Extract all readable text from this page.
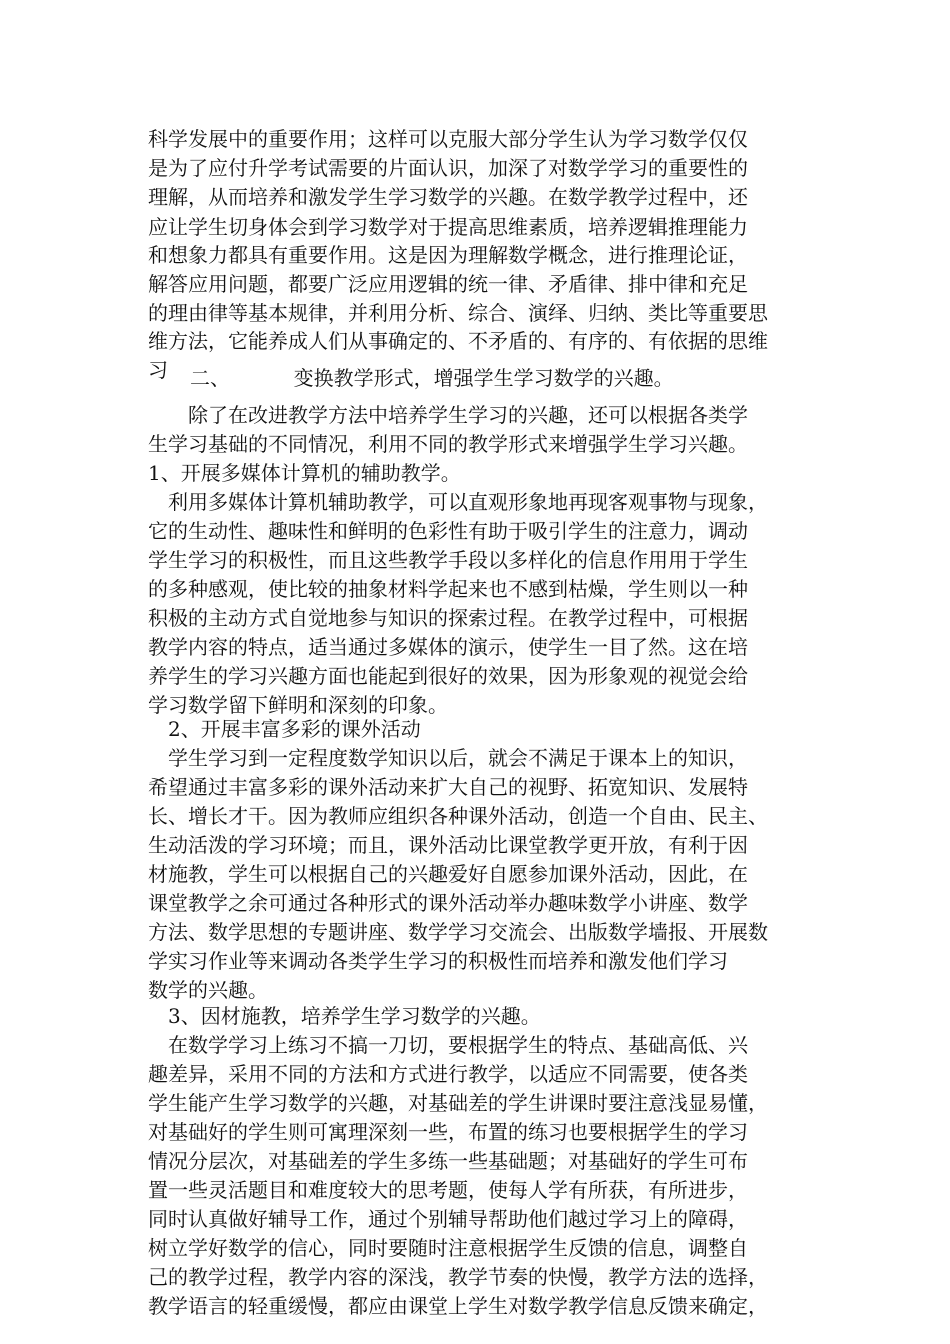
科学发展中的重要作用；这样可以克服大部分学生认为学习数学仅仅
是为了应付升学考试需要的片面认识，加深了对数学学习的重要性的
理解，从而培养和激发学生学习数学的兴趣。在数学教学过程中，还
应让学生切身体会到学习数学对于提高思维素质，培养逻辑推理能力
和想象力都具有重要作用。这是因为理解数学概念，进行推理论证，
解答应用问题，都要广泛应用逻辑的统一律、矛盾律、排中律和充足
的理由律等基本规律，并利用分析、综合、演绎、归纳、类比等重要思
维方法，它能养成人们从事确定的、不矛盾的、有序的、有依据的思维
习	二、          变换教学形式，增强学生学习数学的兴趣。
除了在改进教学方法中培养学生学习的兴趣，还可以根据各类学
生学习基础的不同情况，利用不同的教学形式来增强学生学习兴趣。
1、开展多媒体计算机的辅助教学。
利用多媒体计算机辅助教学，可以直观形象地再现客观事物与现象，
它的生动性、趣味性和鲜明的色彩性有助于吸引学生的注意力，调动
学生学习的积极性，而且这些教学手段以多样化的信息作用用于学生
的多种感观，使比较的抽象材料学起来也不感到枯燥，学生则以一种
积极的主动方式自觉地参与知识的探索过程。在教学过程中，可根据
教学内容的特点，适当通过多媒体的演示，使学生一目了然。这在培
养学生的学习兴趣方面也能起到很好的效果，因为形象观的视觉会给
学习数学留下鲜明和深刻的印象。
2、开展丰富多彩的课外活动
学生学习到一定程度数学知识以后，就会不满足于课本上的知识，
希望通过丰富多彩的课外活动来扩大自己的视野、拓宽知识、发展特
长、增长才干。因为教师应组织各种课外活动，创造一个自由、民主、
生动活泼的学习环境；而且，课外活动比课堂教学更开放，有利于因
材施教，学生可以根据自己的兴趣爱好自愿参加课外活动，因此，在
课堂教学之余可通过各种形式的课外活动举办趣味数学小讲座、数学
方法、数学思想的专题讲座、数学学习交流会、出版数学墙报、开展数
学实习作业等来调动各类学生学习的积极性而培养和激发他们学习
数学的兴趣。
3、因材施教，培养学生学习数学的兴趣。
在数学学习上练习不搞一刀切，要根据学生的特点、基础高低、兴
趣差异，采用不同的方法和方式进行教学，以适应不同需要，使各类
学生能产生学习数学的兴趣，对基础差的学生讲课时要注意浅显易懂，
对基础好的学生则可寓理深刻一些，布置的练习也要根据学生的学习
情况分层次，对基础差的学生多练一些基础题；对基础好的学生可布
置一些灵活题目和难度较大的思考题，使每人学有所获，有所进步，
同时认真做好辅导工作，通过个别辅导帮助他们越过学习上的障碍，
树立学好数学的信心，同时要随时注意根据学生反馈的信息，调整自
己的教学过程，教学内容的深浅，教学节奏的快慢，教学方法的选择，
教学语言的轻重缓慢，都应由课堂上学生对数学教学信息反馈来确定，
